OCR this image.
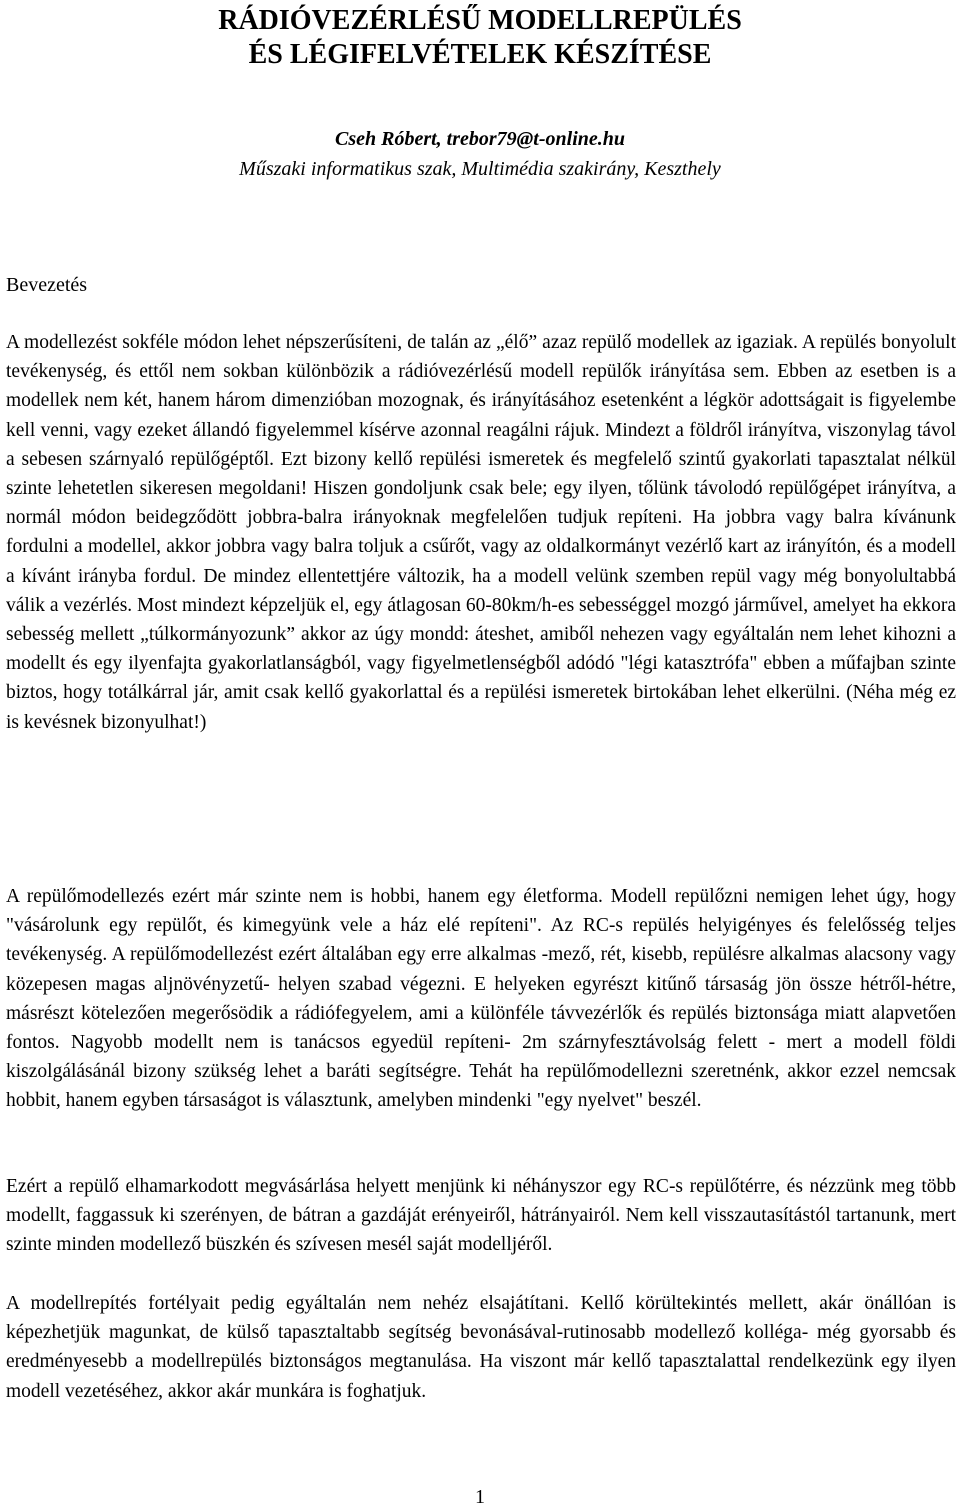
RÁDIÓVEZÉRLÉSŰ MODELLREPÜLÉS
ÉS LÉGIFELVÉTELEK KÉSZÍTÉSE

Cseh Róbert, trebor79@t-online.hu

Műszaki informatikus szak, Multimédia szakirány, Keszthely

Bevezetés

A modellezést sokféle módon lehet népszerűsíteni, de talán az „élő” azaz repülő modellek az igaziak. A repülés bonyolult tevékenység, és ettől nem sokban különbözik a rádióvezérlésű modell repülők irányítása sem. Ebben az esetben is a modellek nem két, hanem három dimenzióban mozognak, és irányításához esetenként a légkör adottságait is figyelembe kell venni, vagy ezeket állandó figyelemmel kísérve azonnal reagálni rájuk. Mindezt a földről irányítva, viszonylag távol a sebesen szárnyaló repülőgéptől. Ezt bizony kellő repülési ismeretek és megfelelő szintű gyakorlati tapasztalat nélkül szinte lehetetlen sikeresen megoldani! Hiszen gondoljunk csak bele; egy ilyen, tőlünk távolodó repülőgépet irányítva, a normál módon beidegződött jobbra-balra irányoknak megfelelően tudjuk repíteni. Ha jobbra vagy balra kívánunk fordulni a modellel, akkor jobbra vagy balra toljuk a csűrőt, vagy az oldalkormányt vezérlő kart az irányítón, és a modell a kívánt irányba fordul. De mindez ellentettjére változik, ha a modell velünk szemben repül vagy még bonyolultabbá válik a vezérlés. Most mindezt képzeljük el, egy átlagosan 60-80km/h-es sebességgel mozgó járművel, amelyet ha ekkora sebesség mellett „túlkormányozunk” akkor az úgy mondd: áteshet, amiből nehezen vagy egyáltalán nem lehet kihozni a modellt és egy ilyenfajta gyakorlatlanságból, vagy figyelmetlenségből adódó "légi katasztrófa" ebben a műfajban szinte biztos, hogy totálkárral jár, amit csak kellő gyakorlattal és a repülési ismeretek birtokában lehet elkerülni. (Néha még ez is kevésnek bizonyulhat!)

A repülőmodellezés ezért már szinte nem is hobbi, hanem egy életforma. Modell repülőzni nemigen lehet úgy, hogy "vásárolunk egy repülőt, és kimegyünk vele a ház elé repíteni". Az RC-s repülés helyigényes és felelősség teljes tevékenység. A repülőmodellezést ezért általában egy erre alkalmas -mező, rét, kisebb, repülésre alkalmas alacsony vagy közepesen magas aljnövényzetű- helyen szabad végezni. E helyeken egyrészt kitűnő társaság jön össze hétről-hétre, másrészt kötelezően megerősödik a rádiófegyelem, ami a különféle távvezérlők és repülés biztonsága miatt alapvetően fontos. Nagyobb modellt nem is tanácsos egyedül repíteni- 2m szárnyfesztávolság felett - mert a modell földi kiszolgálásánál bizony szükség lehet a baráti segítségre. Tehát ha repülőmodellezni szeretnénk, akkor ezzel nemcsak hobbit, hanem egyben társaságot is választunk, amelyben mindenki "egy nyelvet" beszél.

Ezért a repülő elhamarkodott megvásárlása helyett menjünk ki néhányszor egy RC-s repülőtérre, és nézzünk meg több modellt, faggassuk ki szerényen, de bátran a gazdáját erényeiről, hátrányairól. Nem kell visszautasítástól tartanunk, mert szinte minden modellező büszkén és szívesen mesél saját modelljéről.

A modellrepítés fortélyait pedig egyáltalán nem nehéz elsajátítani. Kellő körültekintés mellett, akár önállóan is képezhetjük magunkat, de külső tapasztaltabb segítség bevonásával-rutinosabb modellező kolléga- még gyorsabb és eredményesebb a modellrepülés biztonságos megtanulása. Ha viszont már kellő tapasztalattal rendelkezünk egy ilyen modell vezetéséhez, akkor akár munkára is foghatjuk.

1
